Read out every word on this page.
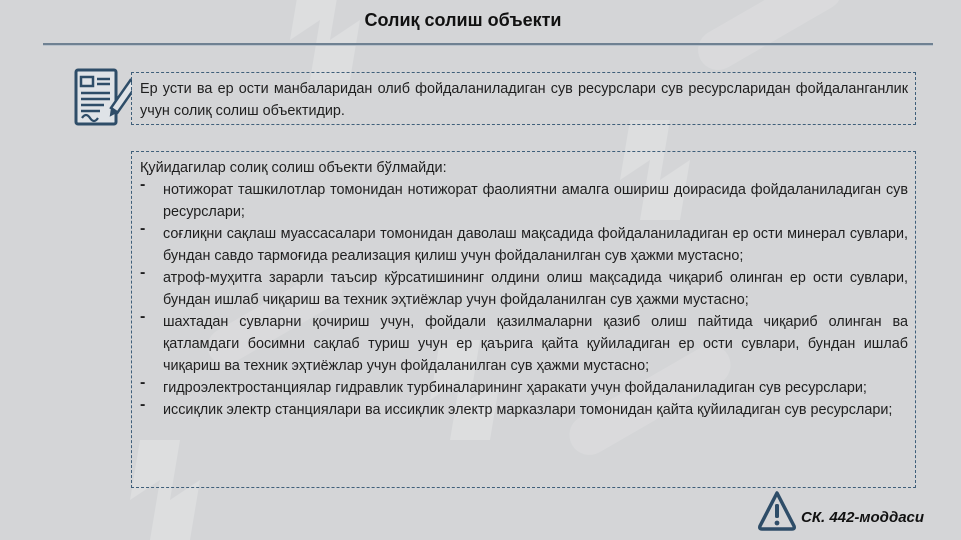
Солиқ солиш объекти
Ер усти ва ер ости манбаларидан олиб фойдаланиладиган сув ресурслари сув ресурсларидан фойдаланганлик учун солиқ солиш объектидир.
Қуйидагилар солиқ солиш объекти бўлмайди:
- нотижорат ташкилотлар томонидан нотижорат фаолиятни амалга ошириш доирасида фойдаланиладиган сув ресурслари;
- соғлиқни сақлаш муассасалари томонидан даволаш мақсадида фойдаланиладиган ер ости минерал сувлари, бундан савдо тармоғида реализация қилиш учун фойдаланилган сув ҳажми мустасно;
- атроф-муҳитга зарарли таъсир кўрсатишининг олдини олиш мақсадида чиқариб олинган ер ости сувлари, бундан ишлаб чиқариш ва техник эҳтиёжлар учун фойдаланилган сув ҳажми мустасно;
- шахтадан сувларни қочириш учун, фойдали қазилмаларни қазиб олиш пайтида чиқариб олинган ва қатламдаги босимни сақлаб туриш учун ер қаърига қайта қуйиладиган ер ости сувлари, бундан ишлаб чиқариш ва техник эҳтиёжлар учун фойдаланилган сув ҳажми мустасно;
- гидроэлектростанциялар гидравлик турбиналарининг ҳаракати учун фойдаланиладиган сув ресурслари;
- иссиқлик электр станциялари ва иссиқлик электр марказлари томонидан қайта қуйиладиган сув ресурслари;
СК. 442-моддаси
